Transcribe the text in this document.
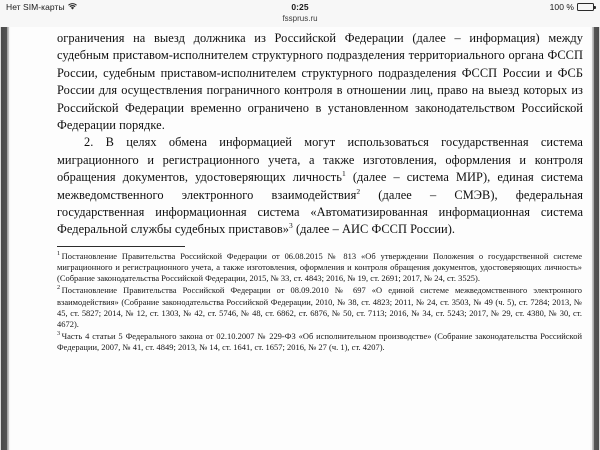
Нет SIM-карты	0:25	100 %
fssprus.ru

ограничения на выезд должника из Российской Федерации (далее – информация) между судебным приставом-исполнителем структурного подразделения территориального органа ФССП России, судебным приставом-исполнителем структурного подразделения ФССП России и ФСБ России для осуществления пограничного контроля в отношении лиц, право на выезд которых из Российской Федерации временно ограничено в установленном законодательством Российской Федерации порядке.

2. В целях обмена информацией могут использоваться государственная система миграционного и регистрационного учета, а также изготовления, оформления и контроля обращения документов, удостоверяющих личность$^1$ (далее – система МИР), единая система межведомственного электронного взаимодействия$^2$ (далее – СМЭВ), федеральная государственная информационная система «Автоматизированная информационная система Федеральной службы судебных приставов»$^3$ (далее – АИС ФССП России).

$^1$ Постановление Правительства Российской Федерации от 06.08.2015 № 813 «Об утверждении Положения о государственной системе миграционного и регистрационного учета, а также изготовления, оформления и контроля обращения документов, удостоверяющих личность» (Собрание законодательства Российской Федерации, 2015, № 33, ст. 4843; 2016, № 19, ст. 2691; 2017, № 24, ст. 3525).
$^2$ Постановление Правительства Российской Федерации от 08.09.2010 № 697 «О единой системе межведомственного электронного взаимодействия» (Собрание законодательства Российской Федерации, 2010, № 38, ст. 4823; 2011, № 24, ст. 3503, № 49 (ч. 5), ст. 7284; 2013, № 45, ст. 5827; 2014, № 12, ст. 1303, № 42, ст. 5746, № 48, ст. 6862, ст. 6876, № 50, ст. 7113; 2016, № 34, ст. 5243; 2017, № 29, ст. 4380, № 30, ст. 4672).
$^3$ Часть 4 статьи 5 Федерального закона от 02.10.2007 № 229-ФЗ «Об исполнительном производстве» (Собрание законодательства Российской Федерации, 2007, № 41, ст. 4849; 2013, № 14, ст. 1641, ст. 1657; 2016, № 27 (ч. 1), ст. 4207).
